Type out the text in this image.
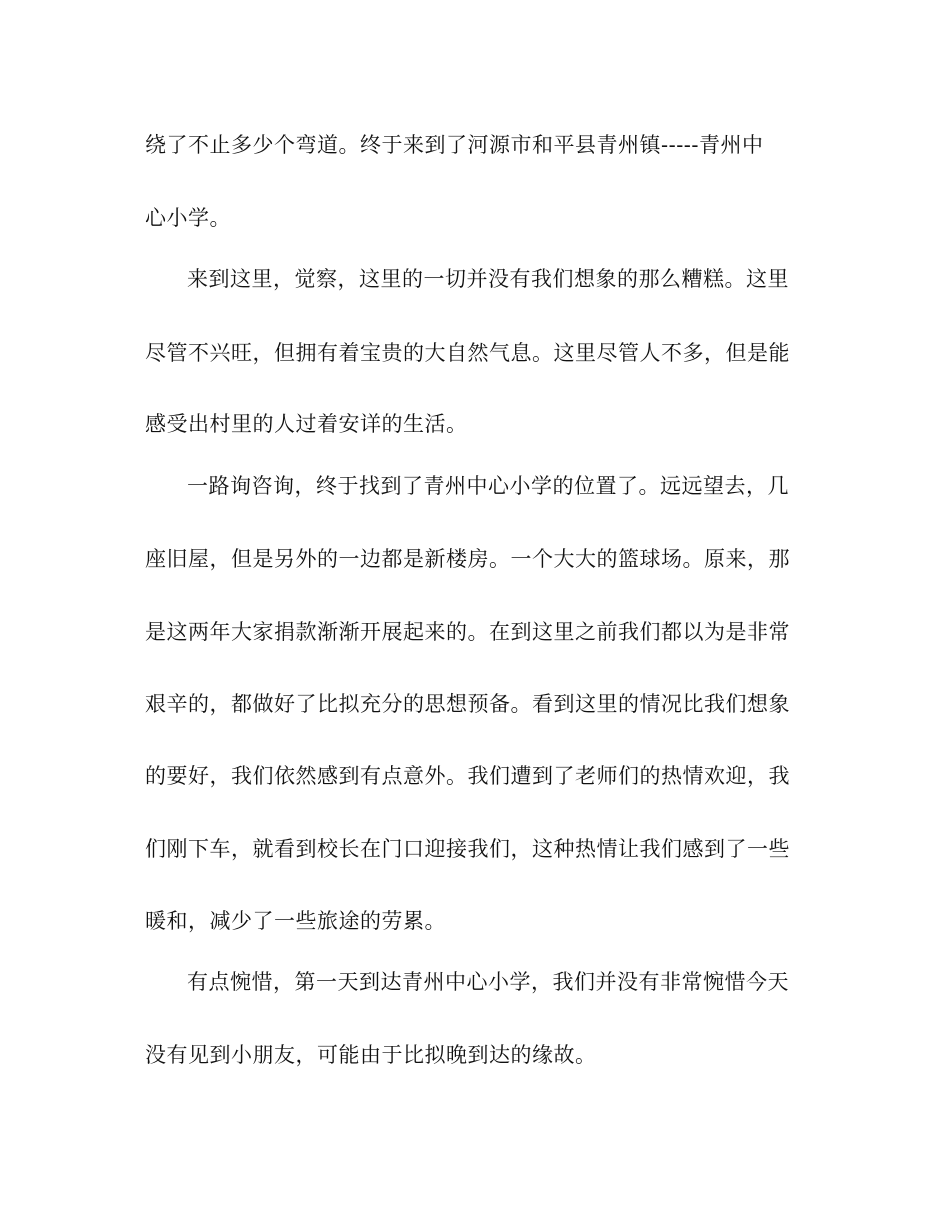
绕了不止多少个弯道。终于来到了河源市和平县青州镇-----青州中

心小学。

来到这里，觉察，这里的一切并没有我们想象的那么糟糕。这里

尽管不兴旺，但拥有着宝贵的大自然气息。这里尽管人不多，但是能

感受出村里的人过着安详的生活。

一路询咨询，终于找到了青州中心小学的位置了。远远望去，几

座旧屋，但是另外的一边都是新楼房。一个大大的篮球场。原来，那

是这两年大家捐款渐渐开展起来的。在到这里之前我们都以为是非常

艰辛的，都做好了比拟充分的思想预备。看到这里的情况比我们想象

的要好，我们依然感到有点意外。我们遭到了老师们的热情欢迎，我

们刚下车，就看到校长在门口迎接我们，这种热情让我们感到了一些

暖和，减少了一些旅途的劳累。

有点惋惜，第一天到达青州中心小学，我们并没有非常惋惜今天

没有见到小朋友，可能由于比拟晚到达的缘故。
